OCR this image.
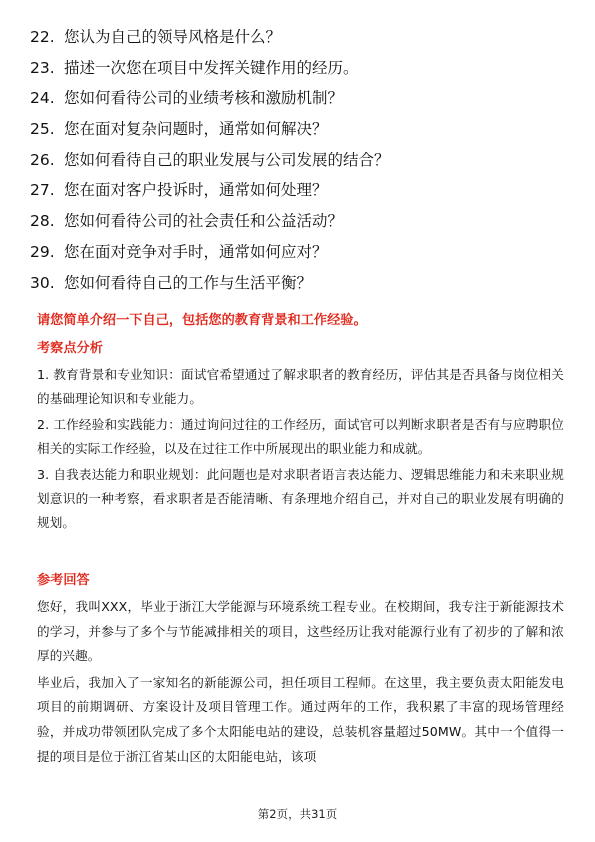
22. 您认为自己的领导风格是什么？
23. 描述一次您在项目中发挥关键作用的经历。
24. 您如何看待公司的业绩考核和激励机制？
25. 您在面对复杂问题时，通常如何解决？
26. 您如何看待自己的职业发展与公司发展的结合？
27. 您在面对客户投诉时，通常如何处理？
28. 您如何看待公司的社会责任和公益活动？
29. 您在面对竞争对手时，通常如何应对？
30. 您如何看待自己的工作与生活平衡？
请您简单介绍一下自己，包括您的教育背景和工作经验。
考察点分析

1. 教育背景和专业知识：面试官希望通过了解求职者的教育经历，评估其是否具备与岗位相关的基础理论知识和专业能力。

2. 工作经验和实践能力：通过询问过往的工作经历，面试官可以判断求职者是否有与应聘职位相关的实际工作经验，以及在过往工作中所展现出的职业能力和成就。

3. 自我表达能力和职业规划：此问题也是对求职者语言表达能力、逻辑思维能力和未来职业规划意识的一种考察，看求职者是否能清晰、有条理地介绍自己，并对自己的职业发展有明确的规划。

参考回答

您好，我叫XXX，毕业于浙江大学能源与环境系统工程专业。在校期间，我专注于新能源技术的学习，并参与了多个与节能减排相关的项目，这些经历让我对能源行业有了初步的了解和浓厚的兴趣。

毕业后，我加入了一家知名的新能源公司，担任项目工程师。在这里，我主要负责太阳能发电项目的前期调研、方案设计及项目管理工作。通过两年的工作，我积累了丰富的现场管理经验，并成功带领团队完成了多个太阳能电站的建设，总装机容量超过50MW。其中一个值得一提的项目是位于浙江省某山区的太阳能电站，该项

第2页，共31页
